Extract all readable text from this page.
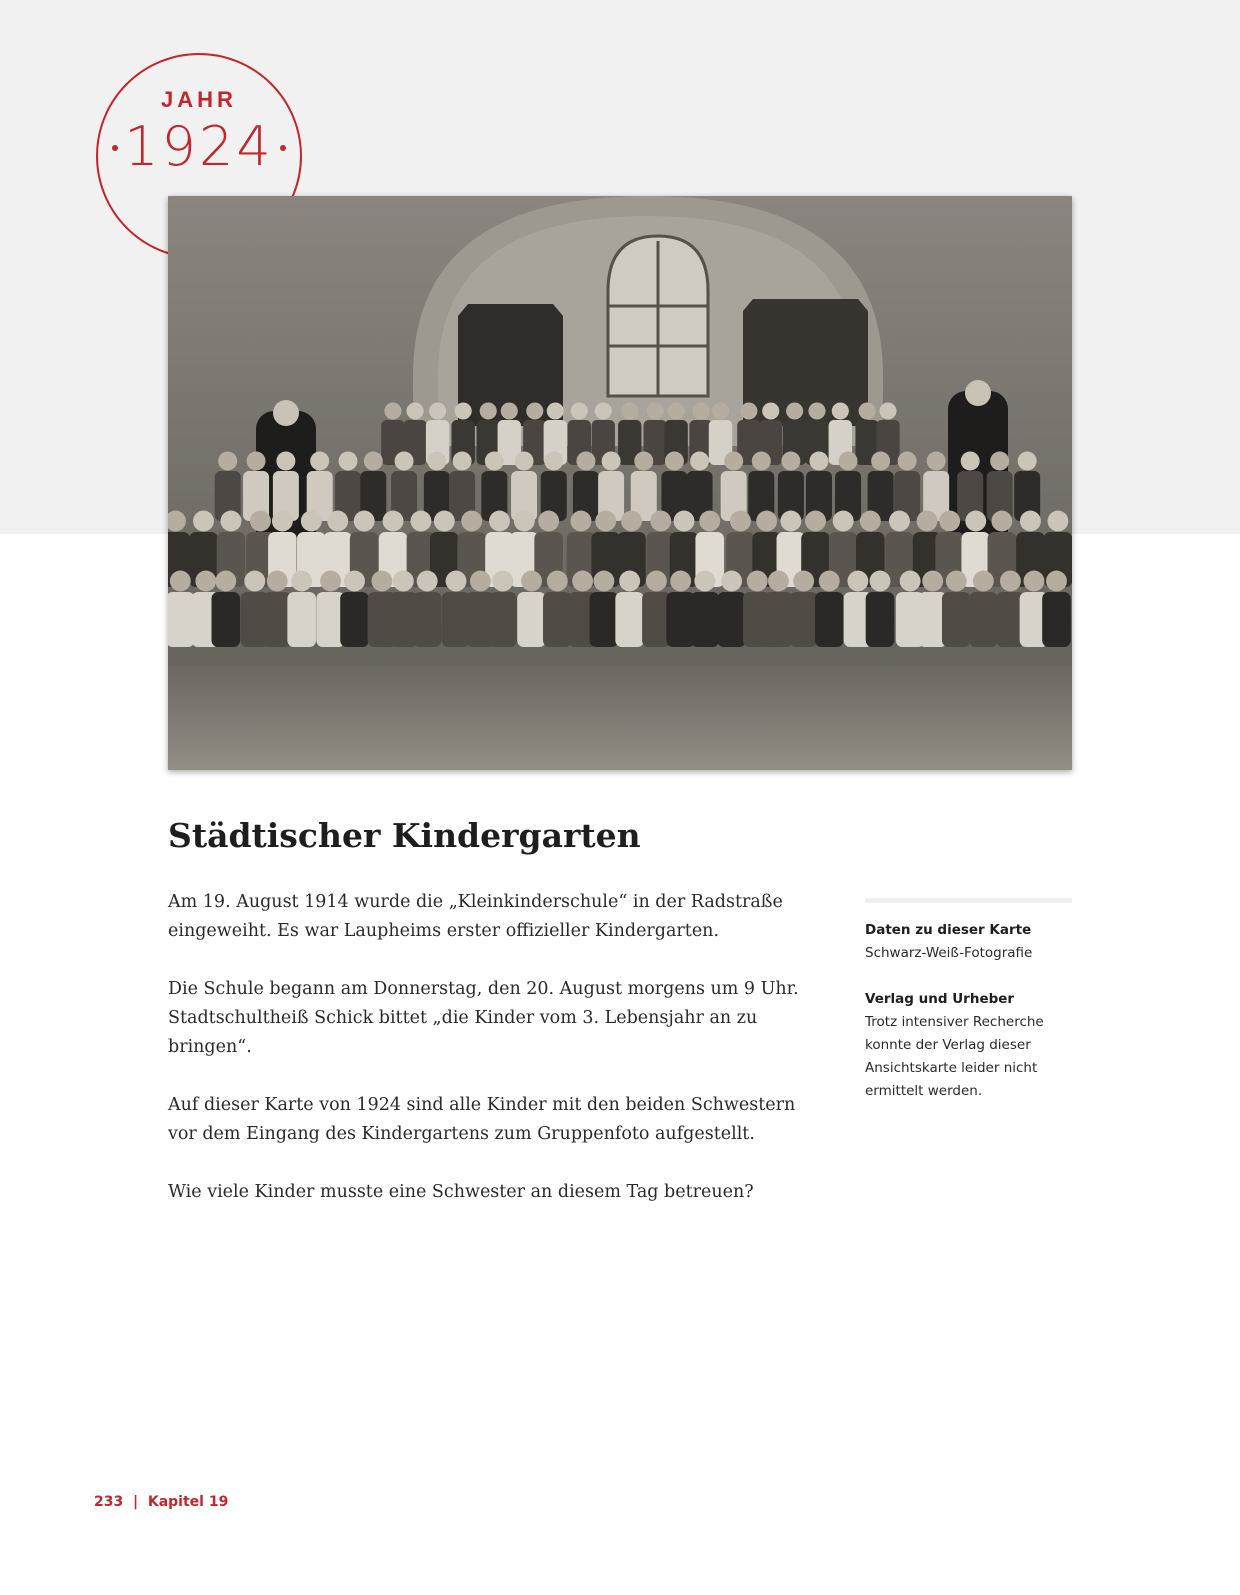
JAHR
1924
Städtischer Kindergarten

Am 19. August 1914 wurde die „Kleinkinderschule“ in der Radstraße eingeweiht. Es war Laupheims erster offizieller Kindergarten.

Die Schule begann am Donnerstag, den 20. August morgens um 9 Uhr. Stadtschultheiß Schick bittet „die Kinder vom 3. Lebensjahr an zu bringen“.

Auf dieser Karte von 1924 sind alle Kinder mit den beiden Schwestern vor dem Eingang des Kindergartens zum Gruppenfoto aufgestellt.

Wie viele Kinder musste eine Schwester an diesem Tag betreuen?

Daten zu dieser Karte
Schwarz-Weiß-Fotografie
Verlag und Urheber
Trotz intensiver Recherche konnte der Verlag dieser Ansichtskarte leider nicht ermittelt werden.
233 | Kapitel 19
